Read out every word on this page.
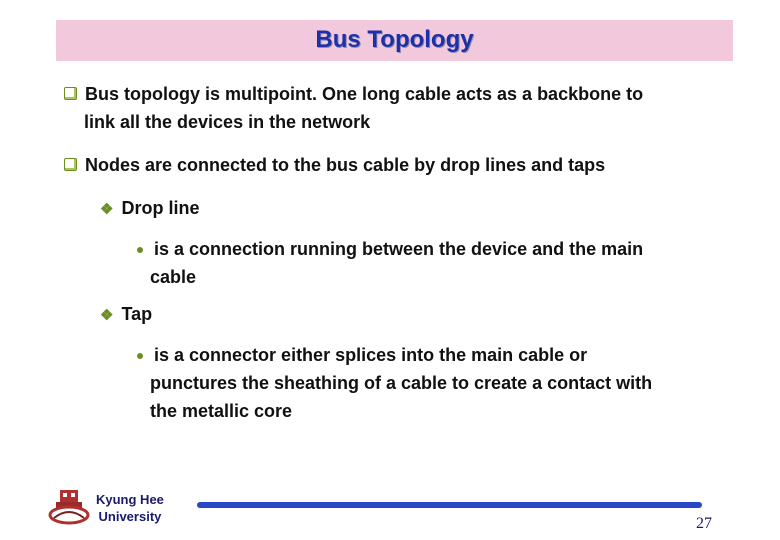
Bus Topology
Bus topology is multipoint. One long cable acts as a backbone to
link all the devices in the network
Nodes are connected to the bus cable by drop lines and taps
❖ Drop line
is a connection running between the device and the main
cable
❖ Tap
is a connector either splices into the main cable or
punctures the sheathing of a cable to create a contact with
the metallic core
Kyung Hee
University	27
